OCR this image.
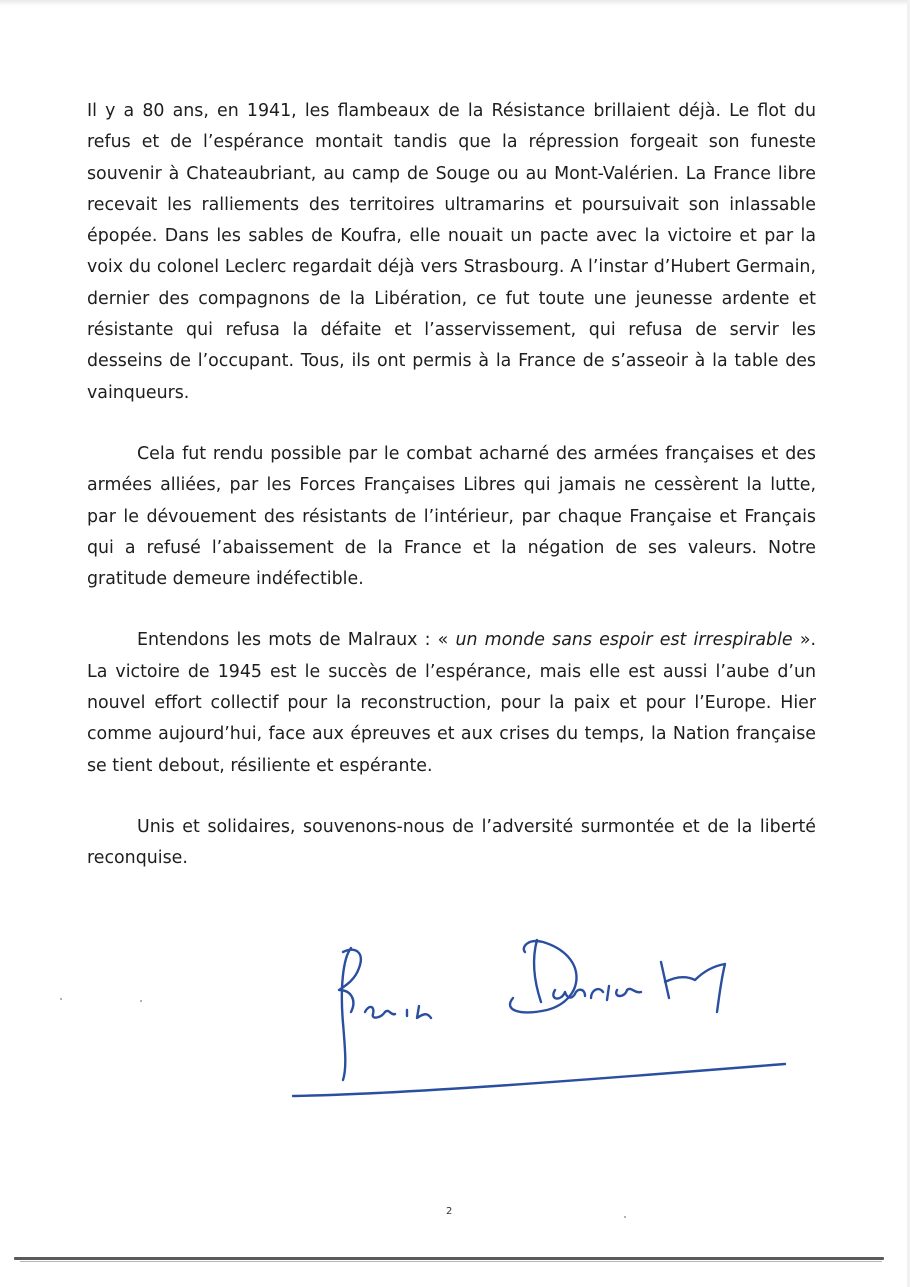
Il y a 80 ans, en 1941, les flambeaux de la Résistance brillaient déjà. Le flot du refus et de l’espérance montait tandis que la répression forgeait son funeste souvenir à Chateaubriant, au camp de Souge ou au Mont-Valérien. La France libre recevait les ralliements des territoires ultramarins et poursuivait son inlassable épopée. Dans les sables de Koufra, elle nouait un pacte avec la victoire et par la voix du colonel Leclerc regardait déjà vers Strasbourg. A l’instar d’Hubert Germain, dernier des compagnons de la Libération, ce fut toute une jeunesse ardente et résistante qui refusa la défaite et l’asservissement, qui refusa de servir les desseins de l’occupant. Tous, ils ont permis à la France de s’asseoir à la table des vainqueurs.

Cela fut rendu possible par le combat acharné des armées françaises et des armées alliées, par les Forces Françaises Libres qui jamais ne cessèrent la lutte, par le dévouement des résistants de l’intérieur, par chaque Française et Français qui a refusé l’abaissement de la France et la négation de ses valeurs. Notre gratitude demeure indéfectible.

Entendons les mots de Malraux : « un monde sans espoir est irrespirable ». La victoire de 1945 est le succès de l’espérance, mais elle est aussi l’aube d’un nouvel effort collectif pour la reconstruction, pour la paix et pour l’Europe. Hier comme aujourd’hui, face aux épreuves et aux crises du temps, la Nation française se tient debout, résiliente et espérante.

Unis et solidaires, souvenons-nous de l’adversité surmontée et de la liberté reconquise.

2
